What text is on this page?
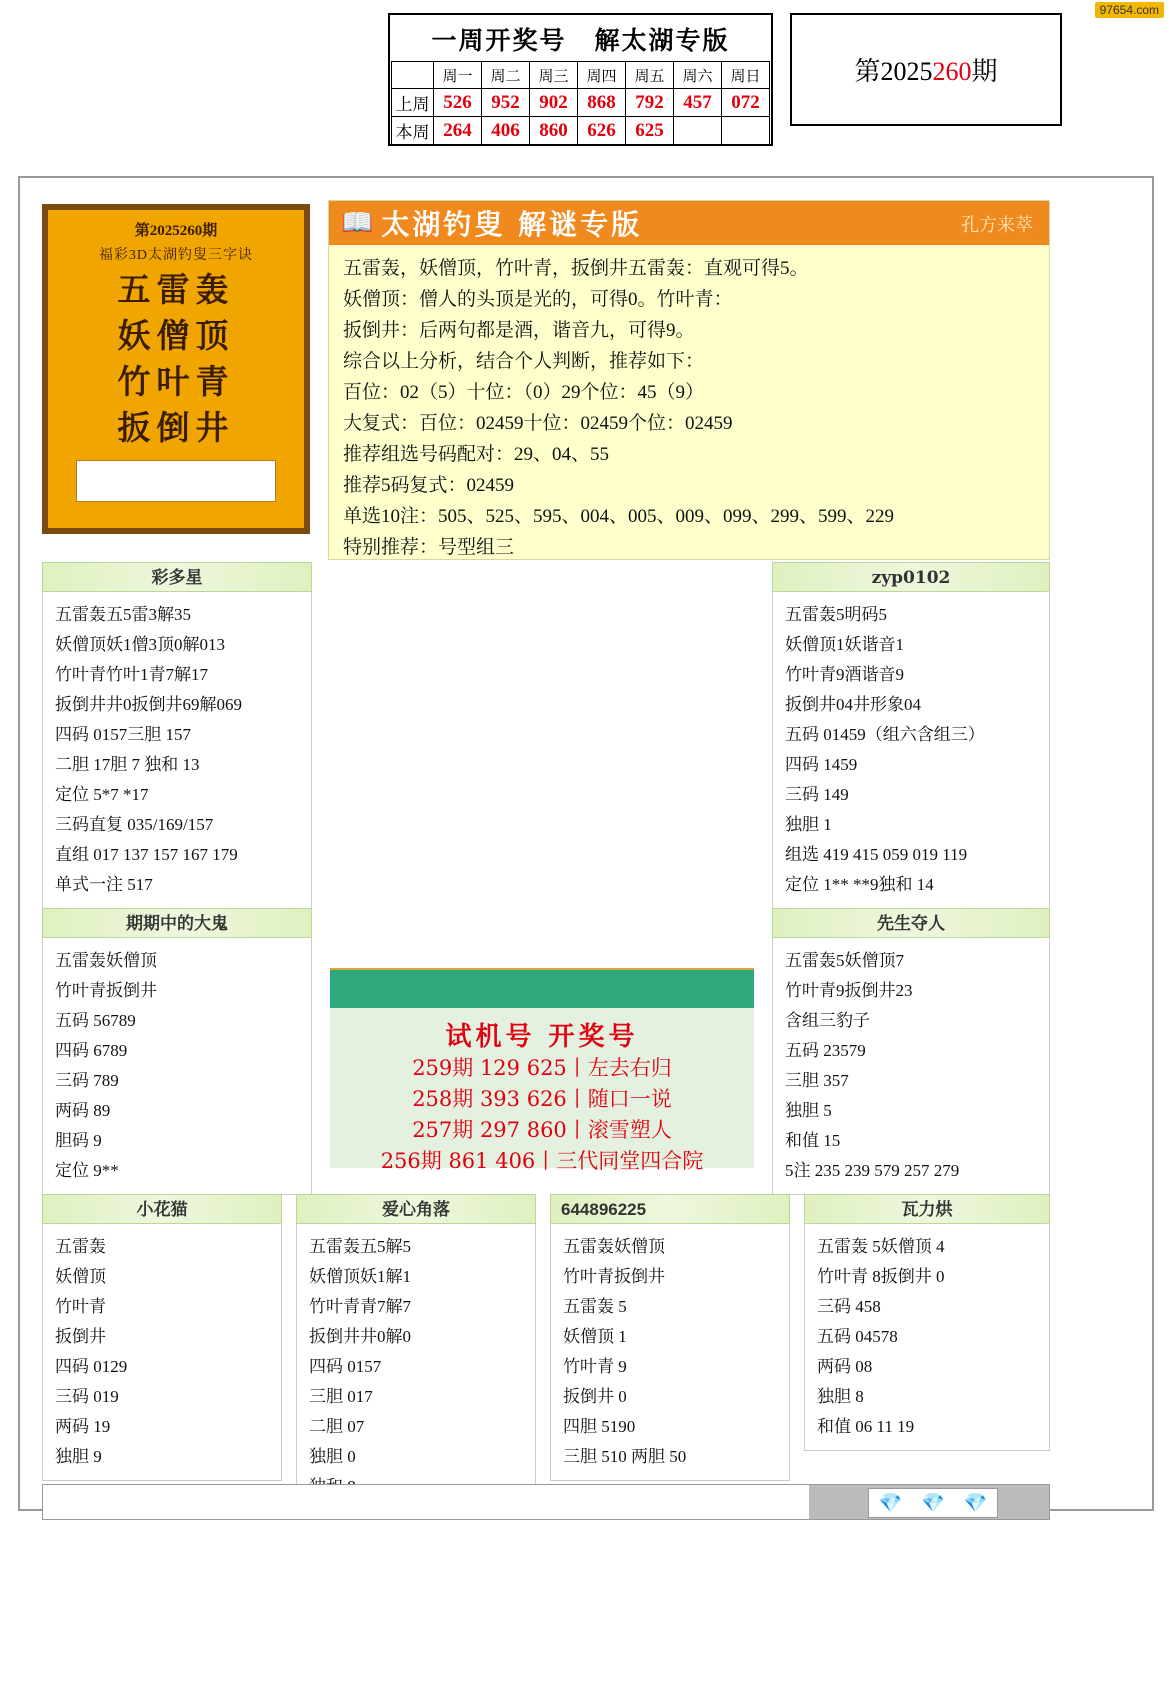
97654.com
一周开奖号 解太湖专版
	周一	周二	周三	周四	周五	周六	周日
上周	526	952	902	868	792	457	072
本周	264	406	860	626	625		
第2025260期
第2025260期
福彩3D太湖钓叟三字诀
五雷轰
妖僧顶
竹叶青
扳倒井
📖 太湖钓叟 解谜专版	孔方来萃
五雷轰，妖僧顶，竹叶青，扳倒井五雷轰：直观可得5。
妖僧顶：僧人的头顶是光的，可得0。竹叶青：
扳倒井：后两句都是酒，谐音九，可得9。
综合以上分析，结合个人判断，推荐如下：
百位：02（5）十位：（0）29个位：45（9）
大复式：百位：02459十位：02459个位：02459
推荐组选号码配对：29、04、55
推荐5码复式：02459
单选10注：505、525、595、004、005、009、099、299、599、229
特别推荐：号型组三
彩多星
五雷轰五5雷3解35
妖僧顶妖1僧3顶0解013
竹叶青竹叶1青7解17
扳倒井井0扳倒井69解069
四码 0157三胆 157
二胆 17胆 7 独和 13
定位 5*7 *17
三码直复 035/169/157
直组 017 137 157 167 179
单式一注 517
期期中的大鬼
五雷轰妖僧顶
竹叶青扳倒井
五码 56789
四码 6789
三码 789
两码 89
胆码 9
定位 9**
zyp0102
五雷轰5明码5
妖僧顶1妖谐音1
竹叶青9酒谐音9
扳倒井04井形象04
五码 01459（组六含组三）
四码 1459
三码 149
独胆 1
组选 419 415 059 019 119
定位 1** **9独和 14
先生夺人
五雷轰5妖僧顶7
竹叶青9扳倒井23
含组三豹子
五码 23579
三胆 357
独胆 5
和值 15
5注 235 239 579 257 279
试机号 开奖号
259期 129 625丨左去右归
258期 393 626丨随口一说
257期 297 860丨滚雪塑人
256期 861 406丨三代同堂四合院
小花猫
五雷轰
妖僧顶
竹叶青
扳倒井
四码 0129
三码 019
两码 19
独胆 9
爱心角落
五雷轰五5解5
妖僧顶妖1解1
竹叶青青7解7
扳倒井井0解0
四码 0157
三胆 017
二胆 07
独胆 0
644896225
五雷轰妖僧顶
竹叶青扳倒井
五雷轰 5
妖僧顶 1
竹叶青 9
扳倒井 0
四胆 5190
三胆 510 两胆 50
瓦力烘
五雷轰 5妖僧顶 4
竹叶青 8扳倒井 0
三码 458
五码 04578
两码 08
独胆 8
和值 06 11 19
💎 💎 💎
